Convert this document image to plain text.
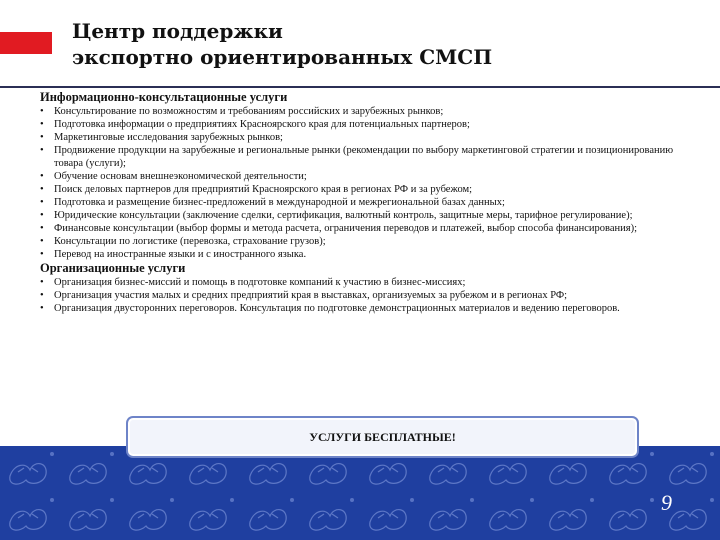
Центр поддержки
экспортно ориентированных СМСП

Информационно-консультационные услуги

• Консультирование по возможностям и требованиям российских и зарубежных рынков;
• Подготовка информации о предприятиях Красноярского края для потенциальных партнеров;
• Маркетинговые исследования зарубежных рынков;
• Продвижение продукции на зарубежные и региональные рынки (рекомендации по выбору маркетинговой стратегии и позиционированию товара (услуги);
• Обучение основам внешнеэкономической деятельности;
• Поиск деловых партнеров для предприятий Красноярского края в регионах РФ и за рубежом;
• Подготовка и размещение бизнес-предложений в международной и межрегиональной базах данных;
• Юридические консультации (заключение сделки, сертификация, валютный контроль, защитные меры, тарифное регулирование);
• Финансовые консультации (выбор формы и метода расчета, ограничения переводов и платежей, выбор способа финансирования);
• Консультации по логистике (перевозка, страхование грузов);
• Перевод на иностранные языки и с иностранного языка.

Организационные услуги

• Организация бизнес-миссий и помощь в подготовке компаний к участию в бизнес-миссиях;
• Организация участия малых и средних предприятий края в выставках, организуемых за рубежом и в регионах РФ;
• Организация двусторонних переговоров. Консультация по подготовке демонстрационных материалов и ведению переговоров.
УСЛУГИ БЕСПЛАТНЫЕ!
9
